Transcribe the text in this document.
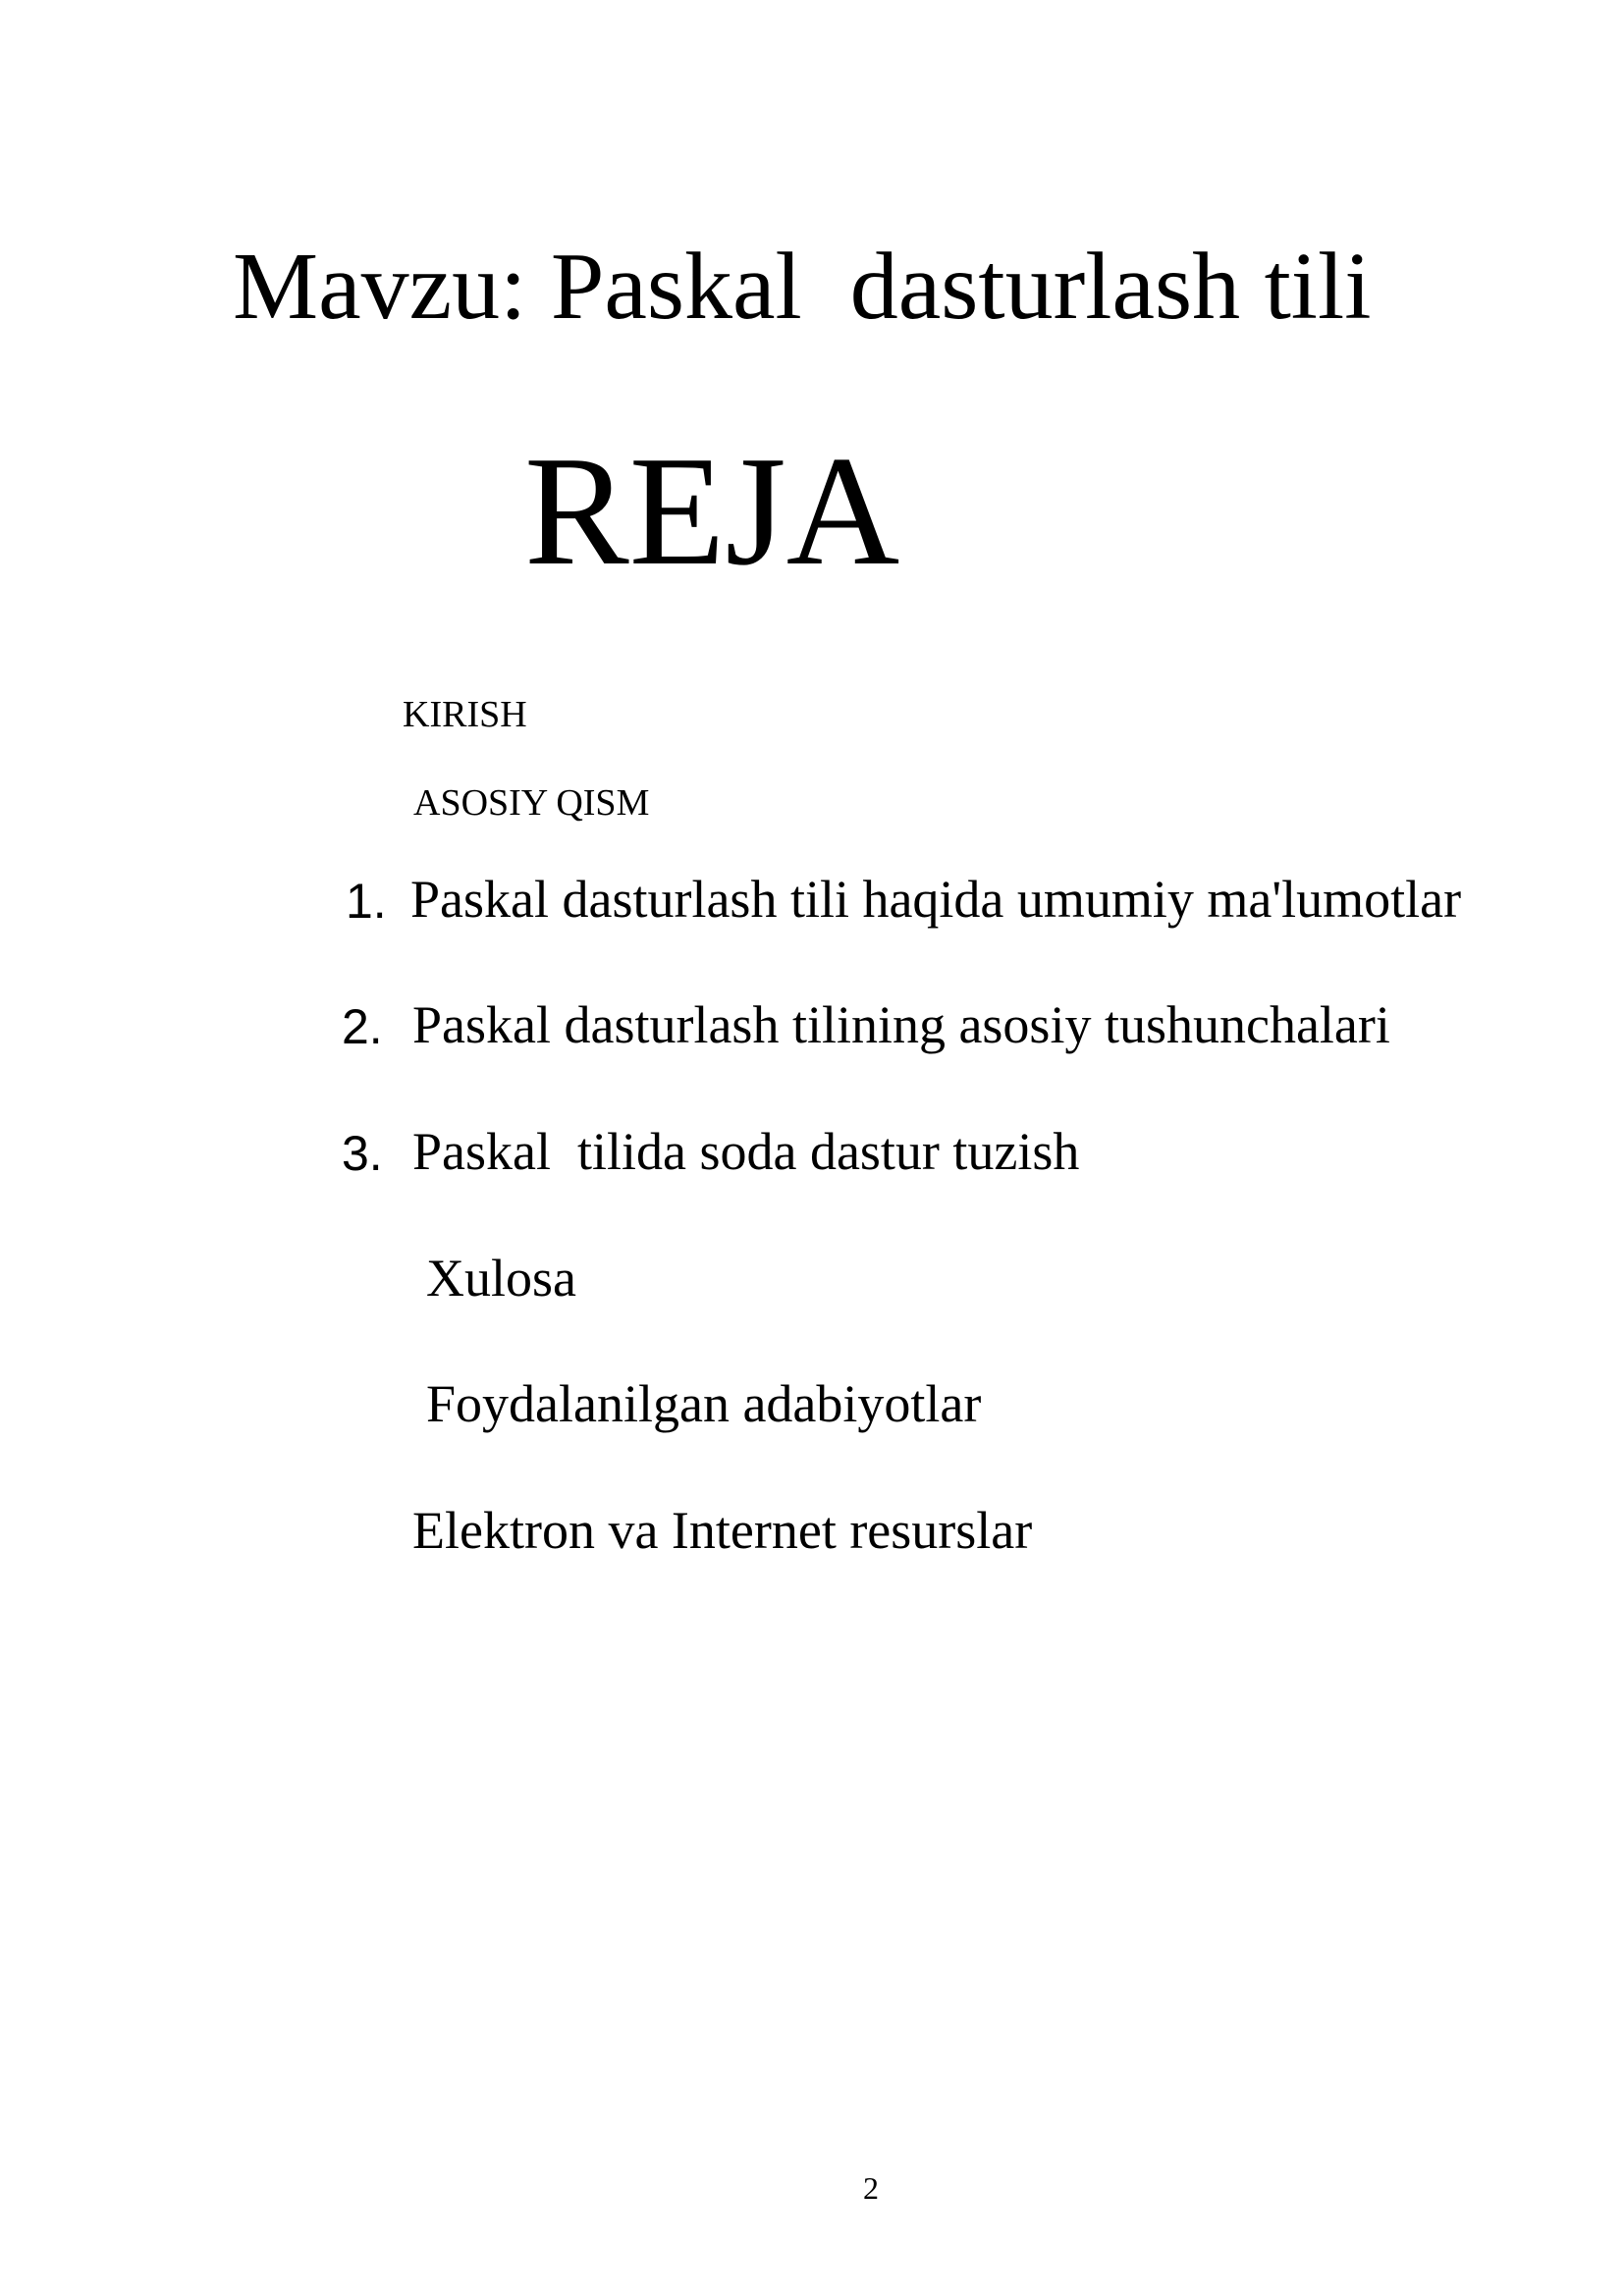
Mavzu: Paskal  dasturlash tili
REJA
KIRISH
ASOSIY QISM
1. Paskal dasturlash tili haqida umumiy ma'lumotlar
2. Paskal dasturlash tilining asosiy tushunchalari
3. Paskal  tilida soda dastur tuzish
Xulosa
Foydalanilgan adabiyotlar
Elektron va Internet resurslar
2
